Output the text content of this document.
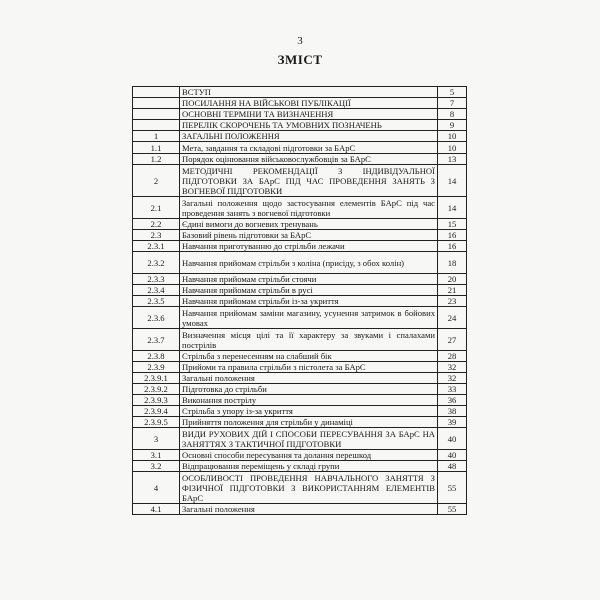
3
ЗМІСТ
	ВСТУП	5
	ПОСИЛАННЯ НА ВІЙСЬКОВІ ПУБЛІКАЦІЇ	7
	ОСНОВНІ ТЕРМІНИ ТА ВИЗНАЧЕННЯ	8
	ПЕРЕЛІК СКОРОЧЕНЬ ТА УМОВНИХ ПОЗНАЧЕНЬ	9
1	ЗАГАЛЬНІ ПОЛОЖЕННЯ	10
1.1	Мета, завдання та складові підготовки за БАрС	10
1.2	Порядок оцінювання військовослужбовців за БАрС	13
2	МЕТОДИЧНІ РЕКОМЕНДАЦІЇ З ІНДИВІДУАЛЬНОЇ ПІДГОТОВКИ ЗА БАрС ПІД ЧАС ПРОВЕДЕННЯ ЗАНЯТЬ З ВОГНЕВОЇ ПІДГОТОВКИ	14
2.1	Загальні положення щодо застосування елементів БАрС під час проведення занять з вогневої підготовки	14
2.2	Єдині вимоги до вогневих тренувань	15
2.3	Базовий рівень підготовки за БАрС	16
2.3.1	Навчання приготуванню до стрільби лежачи	16
2.3.2	Навчання прийомам стрільби з коліна (присіду, з обох колін)	18
2.3.3	Навчання прийомам стрільби стоячи	20
2.3.4	Навчання прийомам стрільби в русі	21
2.3.5	Навчання прийомам стрільби із-за укриття	23
2.3.6	Навчання прийомам заміни магазину, усунення затримок в бойових умовах	24
2.3.7	Визначення місця цілі та її характеру за звуками і спалахами пострілів	27
2.3.8	Стрільба з перенесенням на слабший бік	28
2.3.9	Прийоми та правила стрільби з пістолета за БАрС	32
2.3.9.1	Загальні положення	32
2.3.9.2	Підготовка до стрільби	33
2.3.9.3	Виконання пострілу	36
2.3.9.4	Стрільба з упору із-за укриття	38
2.3.9.5	Прийняття положення для стрільби у динаміці	39
3	ВИДИ РУХОВИХ ДІЙ І СПОСОБИ ПЕРЕСУВАННЯ ЗА БАрС НА ЗАНЯТТЯХ З ТАКТИЧНОЇ ПІДГОТОВКИ	40
3.1	Основні способи пересування та долання перешкод	40
3.2	Відпрацювання переміщень у складі групи	48
4	ОСОБЛИВОСТІ ПРОВЕДЕННЯ НАВЧАЛЬНОГО ЗАНЯТТЯ З ФІЗИЧНОЇ ПІДГОТОВКИ З ВИКОРИСТАННЯМ ЕЛЕМЕНТІВ БАрС	55
4.1	Загальні положення	55
